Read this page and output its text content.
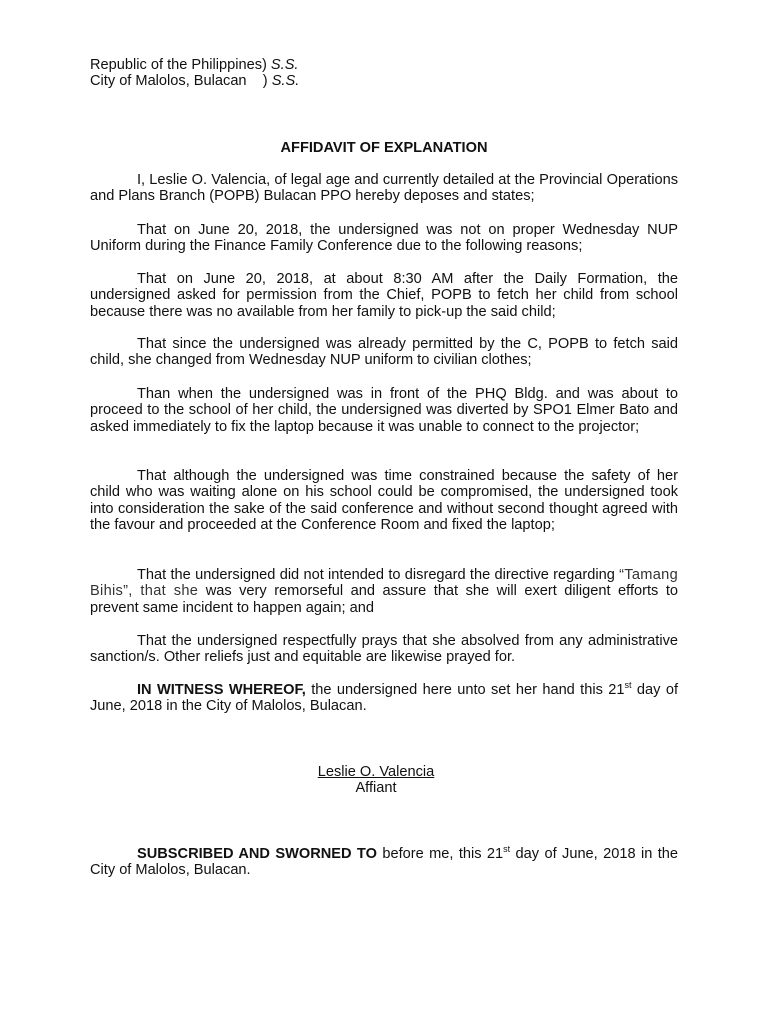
Republic of the Philippines) S.S.
City of Malolos, Bulacan    ) S.S.
AFFIDAVIT OF EXPLANATION
I, Leslie O. Valencia, of legal age and currently detailed at the Provincial Operations and Plans Branch (POPB) Bulacan PPO hereby deposes and states;
That on June 20, 2018, the undersigned was not on proper Wednesday NUP Uniform during the Finance Family Conference due to the following reasons;
That on June 20, 2018, at about 8:30 AM after the Daily Formation, the undersigned asked for permission from the Chief, POPB to fetch her child from school because there was no available from her family to pick-up the said child;
That since the undersigned was already permitted by the C, POPB to fetch said child, she changed from Wednesday NUP uniform to civilian clothes;
Than when the undersigned was in front of the PHQ Bldg. and was about to proceed to the school of her child, the undersigned was diverted by SPO1 Elmer Bato and asked immediately to fix the laptop because it was unable to connect to the projector;
That although the undersigned was time constrained because the safety of her child who was waiting alone on his school could be compromised, the undersigned took into consideration the sake of the said conference and without second thought agreed with the favour and proceeded at the Conference Room and fixed the laptop;
That the undersigned did not intended to disregard the directive regarding “Tamang Bihis”, that she was very remorseful and assure that she will exert diligent efforts to prevent same incident to happen again; and
That the undersigned respectfully prays that she absolved from any administrative sanction/s. Other reliefs just and equitable are likewise prayed for.
IN WITNESS WHEREOF, the undersigned here unto set her hand this 21st day of June, 2018 in the City of Malolos, Bulacan.
Leslie O. Valencia
Affiant
SUBSCRIBED AND SWORNED TO before me, this 21st day of June, 2018 in the City of Malolos, Bulacan.
